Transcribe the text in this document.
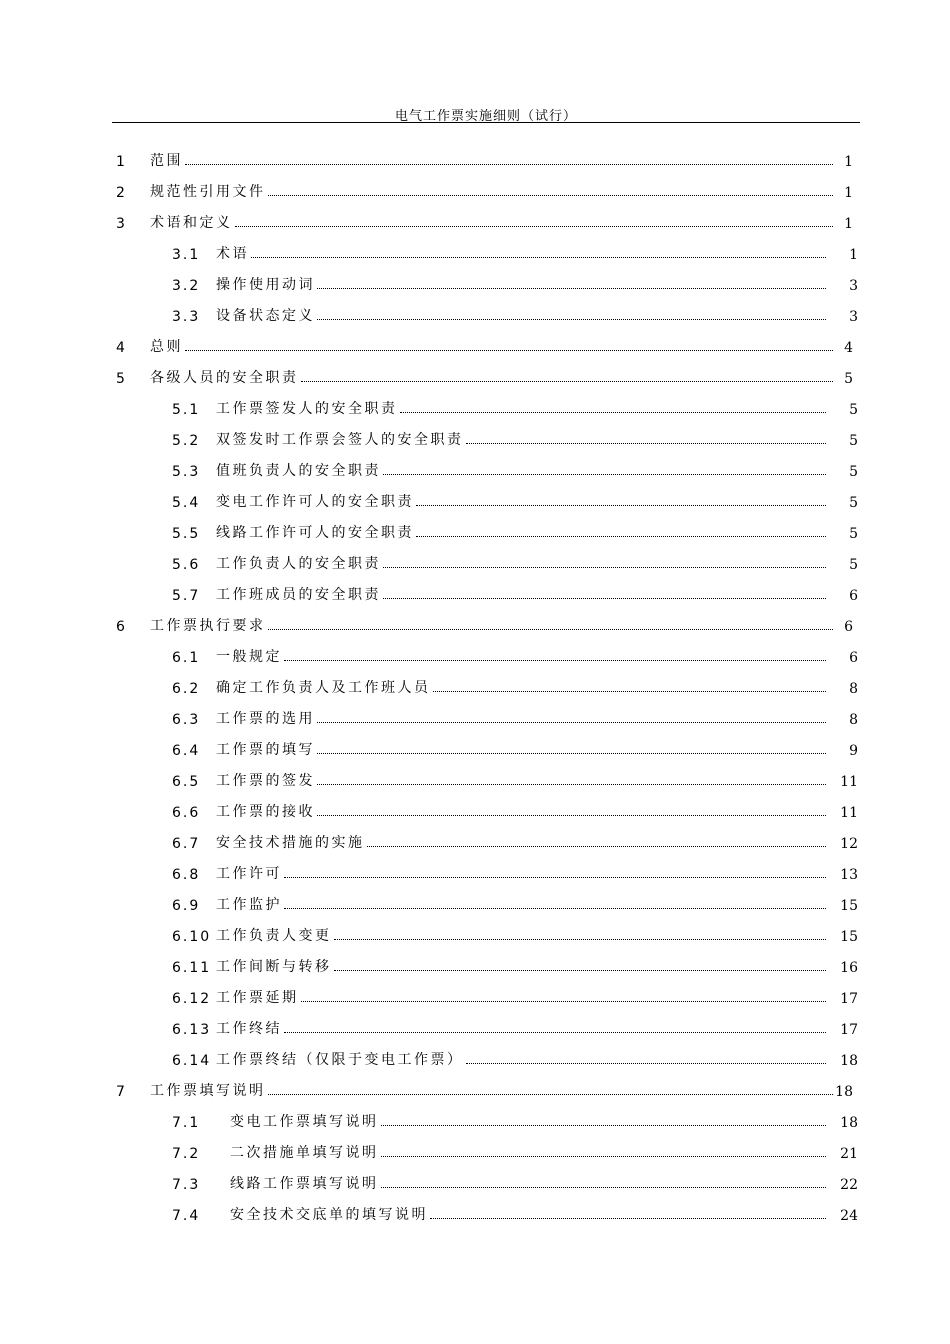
电气工作票实施细则（试行）
1	范围	1
2	规范性引用文件	1
3	术语和定义	1
3.1	术语	1
3.2	操作使用动词	3
3.3	设备状态定义	3
4	总则	4
5	各级人员的安全职责	5
5.1	工作票签发人的安全职责	5
5.2	双签发时工作票会签人的安全职责	5
5.3	值班负责人的安全职责	5
5.4	变电工作许可人的安全职责	5
5.5	线路工作许可人的安全职责	5
5.6	工作负责人的安全职责	5
5.7	工作班成员的安全职责	6
6	工作票执行要求	6
6.1	一般规定	6
6.2	确定工作负责人及工作班人员	8
6.3	工作票的选用	8
6.4	工作票的填写	9
6.5	工作票的签发	11
6.6	工作票的接收	11
6.7	安全技术措施的实施	12
6.8	工作许可	13
6.9	工作监护	15
6.10 工作负责人变更	15
6.11 工作间断与转移	16
6.12 工作票延期	17
6.13 工作终结	17
6.14 工作票终结（仅限于变电工作票）	18
7	工作票填写说明	18
7.1	变电工作票填写说明	18
7.2	二次措施单填写说明	21
7.3	线路工作票填写说明	22
7.4	安全技术交底单的填写说明	24
